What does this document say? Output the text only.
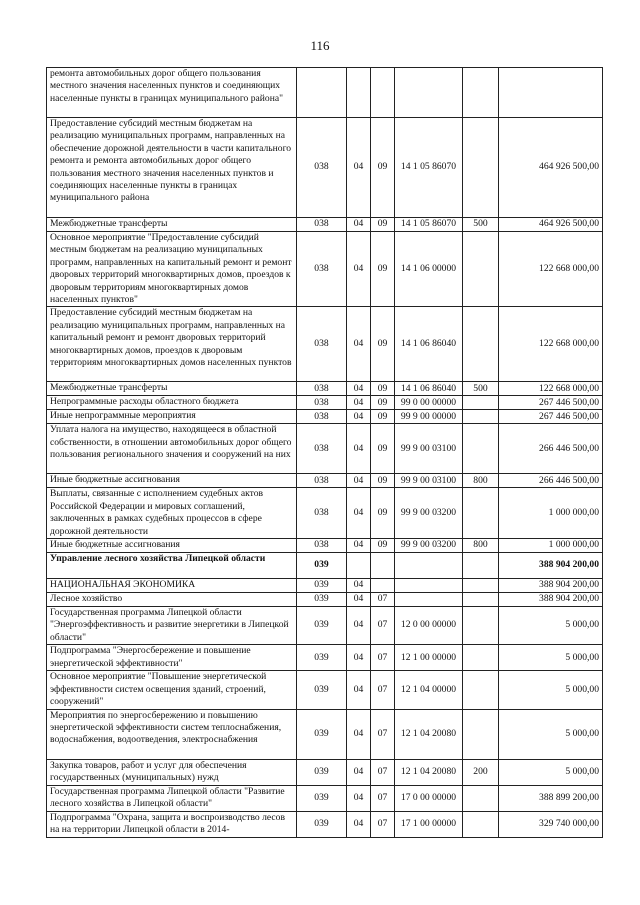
116
ремонта автомобильных дорог общего пользования местного значения населенных пунктов и соединяющих населенные пункты в границах муниципального района"						
Предоставление субсидий местным бюджетам на реализацию муниципальных программ, направленных на обеспечение дорожной деятельности в части капитального ремонта и ремонта автомобильных дорог общего пользования местного значения населенных пунктов и соединяющих населенные пункты в границах муниципального района	038	04	09	14 1 05 86070		464 926 500,00
Межбюджетные трансферты	038	04	09	14 1 05 86070	500	464 926 500,00
Основное мероприятие "Предоставление субсидий местным бюджетам на реализацию муниципальных программ, направленных на капитальный ремонт и ремонт дворовых территорий многоквартирных домов, проездов к дворовым территориям многоквартирных домов населенных пунктов"	038	04	09	14 1 06 00000		122 668 000,00
Предоставление субсидий местным бюджетам на реализацию муниципальных программ, направленных на капитальный ремонт и ремонт дворовых территорий многоквартирных домов, проездов к дворовым территориям многоквартирных домов населенных пунктов	038	04	09	14 1 06 86040		122 668 000,00
Межбюджетные трансферты	038	04	09	14 1 06 86040	500	122 668 000,00
Непрограммные расходы областного бюджета	038	04	09	99 0 00 00000		267 446 500,00
Иные непрограммные мероприятия	038	04	09	99 9 00 00000		267 446 500,00
Уплата налога на имущество, находящееся в областной собственности, в отношении автомобильных дорог общего пользования регионального значения и сооружений на них	038	04	09	99 9 00 03100		266 446 500,00
Иные бюджетные ассигнования	038	04	09	99 9 00 03100	800	266 446 500,00
Выплаты, связанные с исполнением судебных актов Российской Федерации и мировых соглашений, заключенных в рамках судебных процессов в сфере дорожной деятельности	038	04	09	99 9 00 03200		1 000 000,00
Иные бюджетные ассигнования	038	04	09	99 9 00 03200	800	1 000 000,00
Управление лесного хозяйства Липецкой области	039					388 904 200,00
НАЦИОНАЛЬНАЯ ЭКОНОМИКА	039	04				388 904 200,00
Лесное хозяйство	039	04	07			388 904 200,00
Государственная программа Липецкой области "Энергоэффективность и развитие энергетики в Липецкой области"	039	04	07	12 0 00 00000		5 000,00
Подпрограмма "Энергосбережение и повышение энергетической эффективности"	039	04	07	12 1 00 00000		5 000,00
Основное мероприятие "Повышение энергетической эффективности систем освещения зданий, строений, сооружений"	039	04	07	12 1 04 00000		5 000,00
Мероприятия по энергосбережению и повышению энергетической эффективности систем теплоснабжения, водоснабжения, водоотведения, электроснабжения	039	04	07	12 1 04 20080		5 000,00
Закупка товаров, работ и услуг для обеспечения государственных (муниципальных) нужд	039	04	07	12 1 04 20080	200	5 000,00
Государственная программа Липецкой области "Развитие лесного хозяйства в Липецкой области"	039	04	07	17 0 00 00000		388 899 200,00
Подпрограмма "Охрана, защита и воспроизводство лесов на на территории Липецкой области в 2014-	039	04	07	17 1 00 00000		329 740 000,00
